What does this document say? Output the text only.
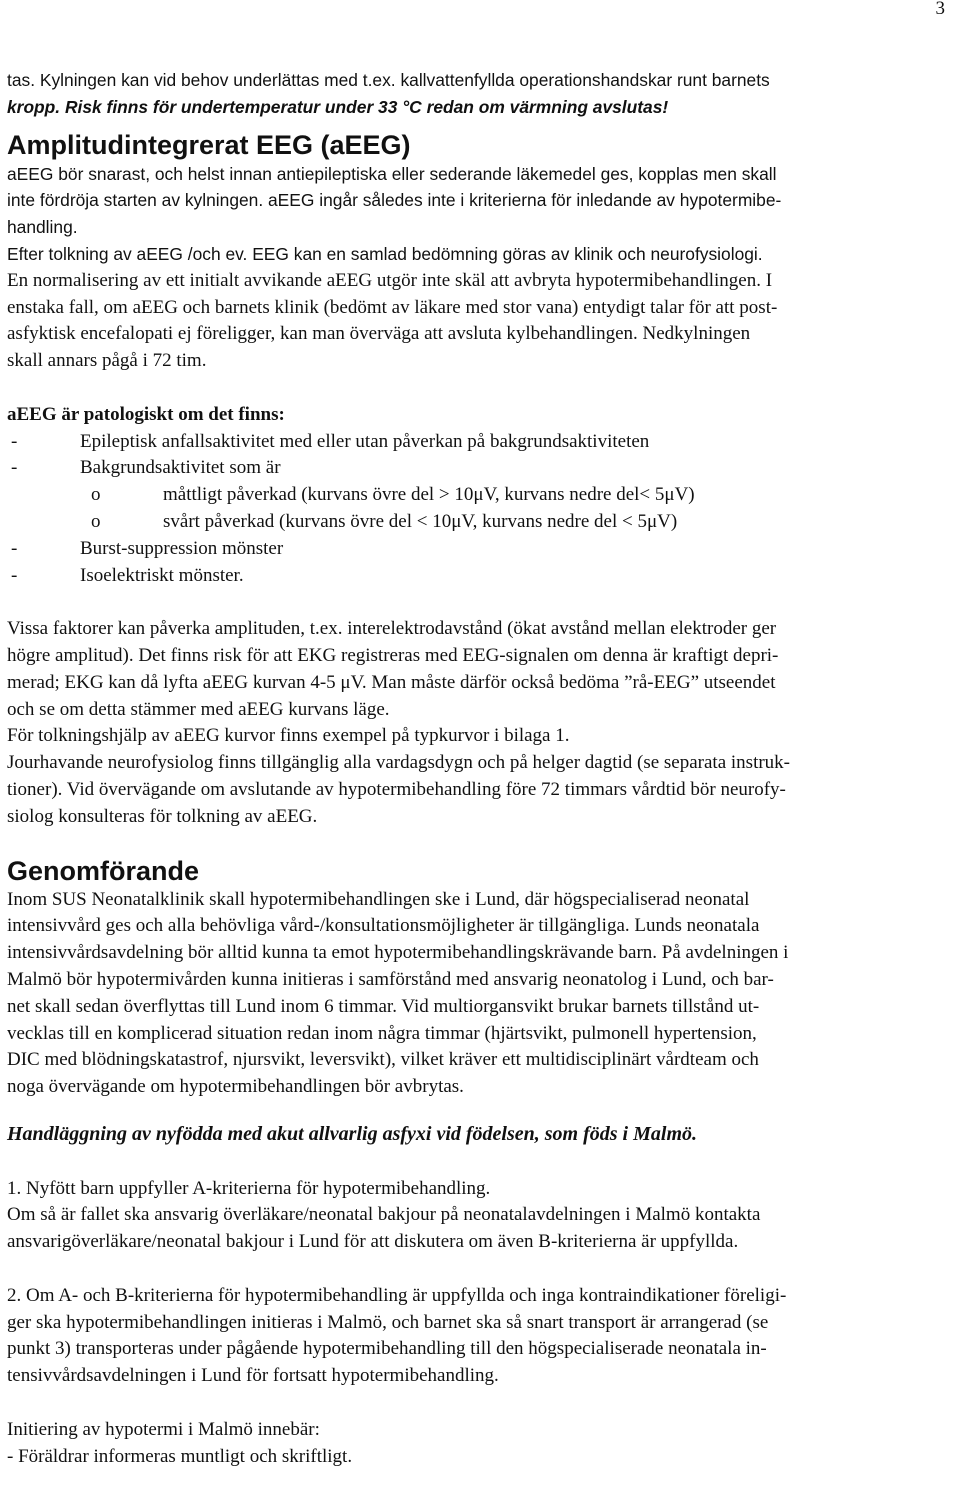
3

tas. Kylningen kan vid behov underlättas med t.ex. kallvattenfyllda operationshandskar runt barnets

kropp. Risk finns för undertemperatur under 33 °C redan om värmning avslutas!

Amplitudintegrerat EEG (aEEG)

aEEG bör snarast, och helst innan antiepileptiska eller sederande läkemedel ges, kopplas men skall

inte fördröja starten av kylningen. aEEG ingår således inte i kriterierna för inledande av hypotermibe-

handling.

Efter tolkning av aEEG /och ev. EEG kan en samlad bedömning göras av klinik och neurofysiologi.

En normalisering av ett initialt avvikande aEEG utgör inte skäl att avbryta hypotermibehandlingen. I

enstaka fall, om aEEG och barnets klinik (bedömt av läkare med stor vana) entydigt talar för att post-

asfyktisk encefalopati ej föreligger, kan man överväga att avsluta kylbehandlingen. Nedkylningen

skall annars pågå i 72 tim.

aEEG är patologiskt om det finns:

-	Epileptisk anfallsaktivitet med eller utan påverkan på bakgrundsaktiviteten
-	Bakgrundsaktivitet som är
o	måttligt påverkad (kurvans övre del > 10μV, kurvans nedre del< 5μV)
o	svårt påverkad (kurvans övre del < 10μV, kurvans nedre del < 5μV)
-	Burst-suppression mönster
-	Isoelektriskt mönster.

Vissa faktorer kan påverka amplituden, t.ex. interelektrodavstånd (ökat avstånd mellan elektroder ger

högre amplitud). Det finns risk för att EKG registreras med EEG-signalen om denna är kraftigt depri-

merad; EKG kan då lyfta aEEG kurvan 4-5 μV. Man måste därför också bedöma ”rå-EEG” utseendet

och se om detta stämmer med aEEG kurvans läge.

För tolkningshjälp av aEEG kurvor finns exempel på typkurvor i bilaga 1.

Jourhavande neurofysiolog finns tillgänglig alla vardagsdygn och på helger dagtid (se separata instruk-

tioner). Vid övervägande om avslutande av hypotermibehandling före 72 timmars vårdtid bör neurofy-

siolog konsulteras för tolkning av aEEG.

Genomförande

Inom SUS Neonatalklinik skall hypotermibehandlingen ske i Lund, där högspecialiserad neonatal

intensivvård ges och alla behövliga vård-/konsultationsmöjligheter är tillgängliga. Lunds neonatala

intensivvårdsavdelning bör alltid kunna ta emot hypotermibehandlingskrävande barn. På avdelningen i

Malmö bör hypotermivården kunna initieras i samförstånd med ansvarig neonatolog i Lund, och bar-

net skall sedan överflyttas till Lund inom 6 timmar. Vid multiorgansvikt brukar barnets tillstånd ut-

vecklas till en komplicerad situation redan inom några timmar (hjärtsvikt, pulmonell hypertension,

DIC med blödningskatastrof, njursvikt, leversvikt), vilket kräver ett multidisciplinärt vårdteam och

noga övervägande om hypotermibehandlingen bör avbrytas.

Handläggning av nyfödda med akut allvarlig asfyxi vid födelsen, som föds i Malmö.

1. Nyfött barn uppfyller A-kriterierna för hypotermibehandling.

Om så är fallet ska ansvarig överläkare/neonatal bakjour på neonatalavdelningen i Malmö kontakta

ansvarigöverläkare/neonatal bakjour i Lund för att diskutera om även B-kriterierna är uppfyllda.

2. Om A- och B-kriterierna för hypotermibehandling är uppfyllda och inga kontraindikationer föreligi-

ger ska hypotermibehandlingen initieras i Malmö, och barnet ska så snart transport är arrangerad (se

punkt 3) transporteras under pågående hypotermibehandling till den högspecialiserade neonatala in-

tensivvårdsavdelningen i Lund för fortsatt hypotermibehandling.

Initiering av hypotermi i Malmö innebär:

- Föräldrar informeras muntligt och skriftligt.
